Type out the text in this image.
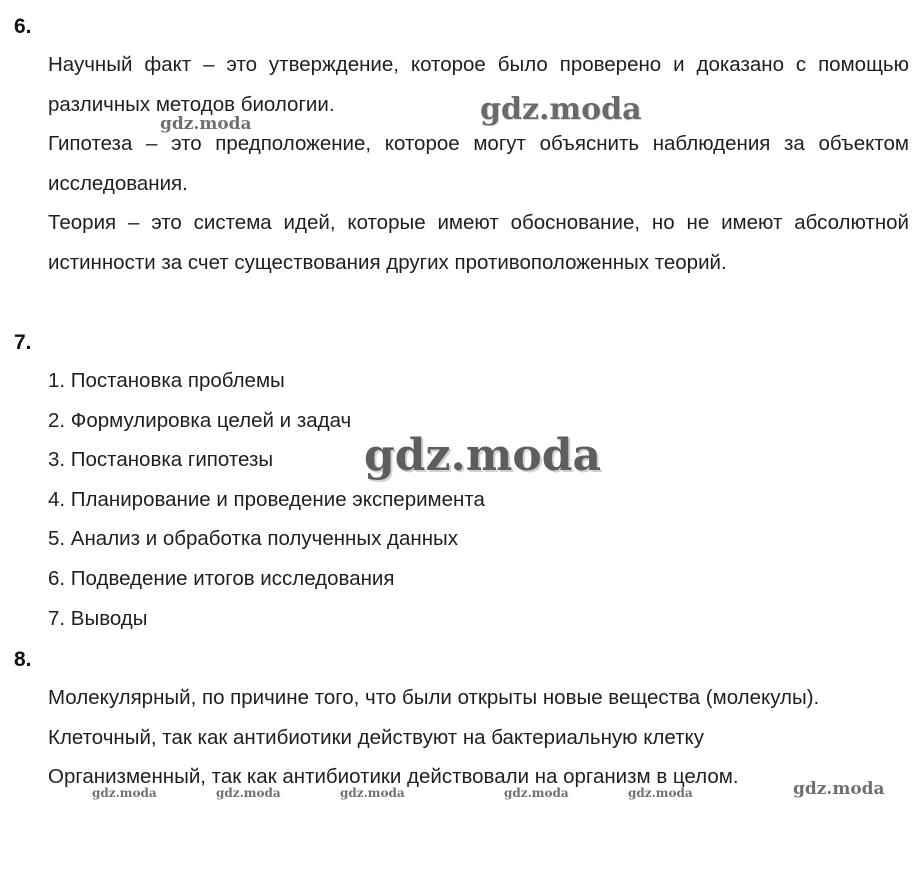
6.

Научный факт – это утверждение, которое было проверено и доказано с помощью различных методов биологии.

Гипотеза – это предположение, которое могут объяснить наблюдения за объектом исследования.

Теория – это система идей, которые имеют обоснование, но не имеют абсолютной истинности за счет существования других противоположенных теорий.

7.
1. Постановка проблемы
2. Формулировка целей и задач
3. Постановка гипотезы
4. Планирование и проведение эксперимента
5. Анализ и обработка полученных данных
6. Подведение итогов исследования
7. Выводы
8.

Молекулярный, по причине того, что были открыты новые вещества (молекулы).

Клеточный, так как антибиотики действуют на бактериальную клетку

Организменный, так как антибиотики действовали на организм в целом.

gdz.moda
gdz.moda
gdz.moda
gdz.moda	gdz.moda	gdz.moda	gdz.moda	gdz.moda	gdz.moda
